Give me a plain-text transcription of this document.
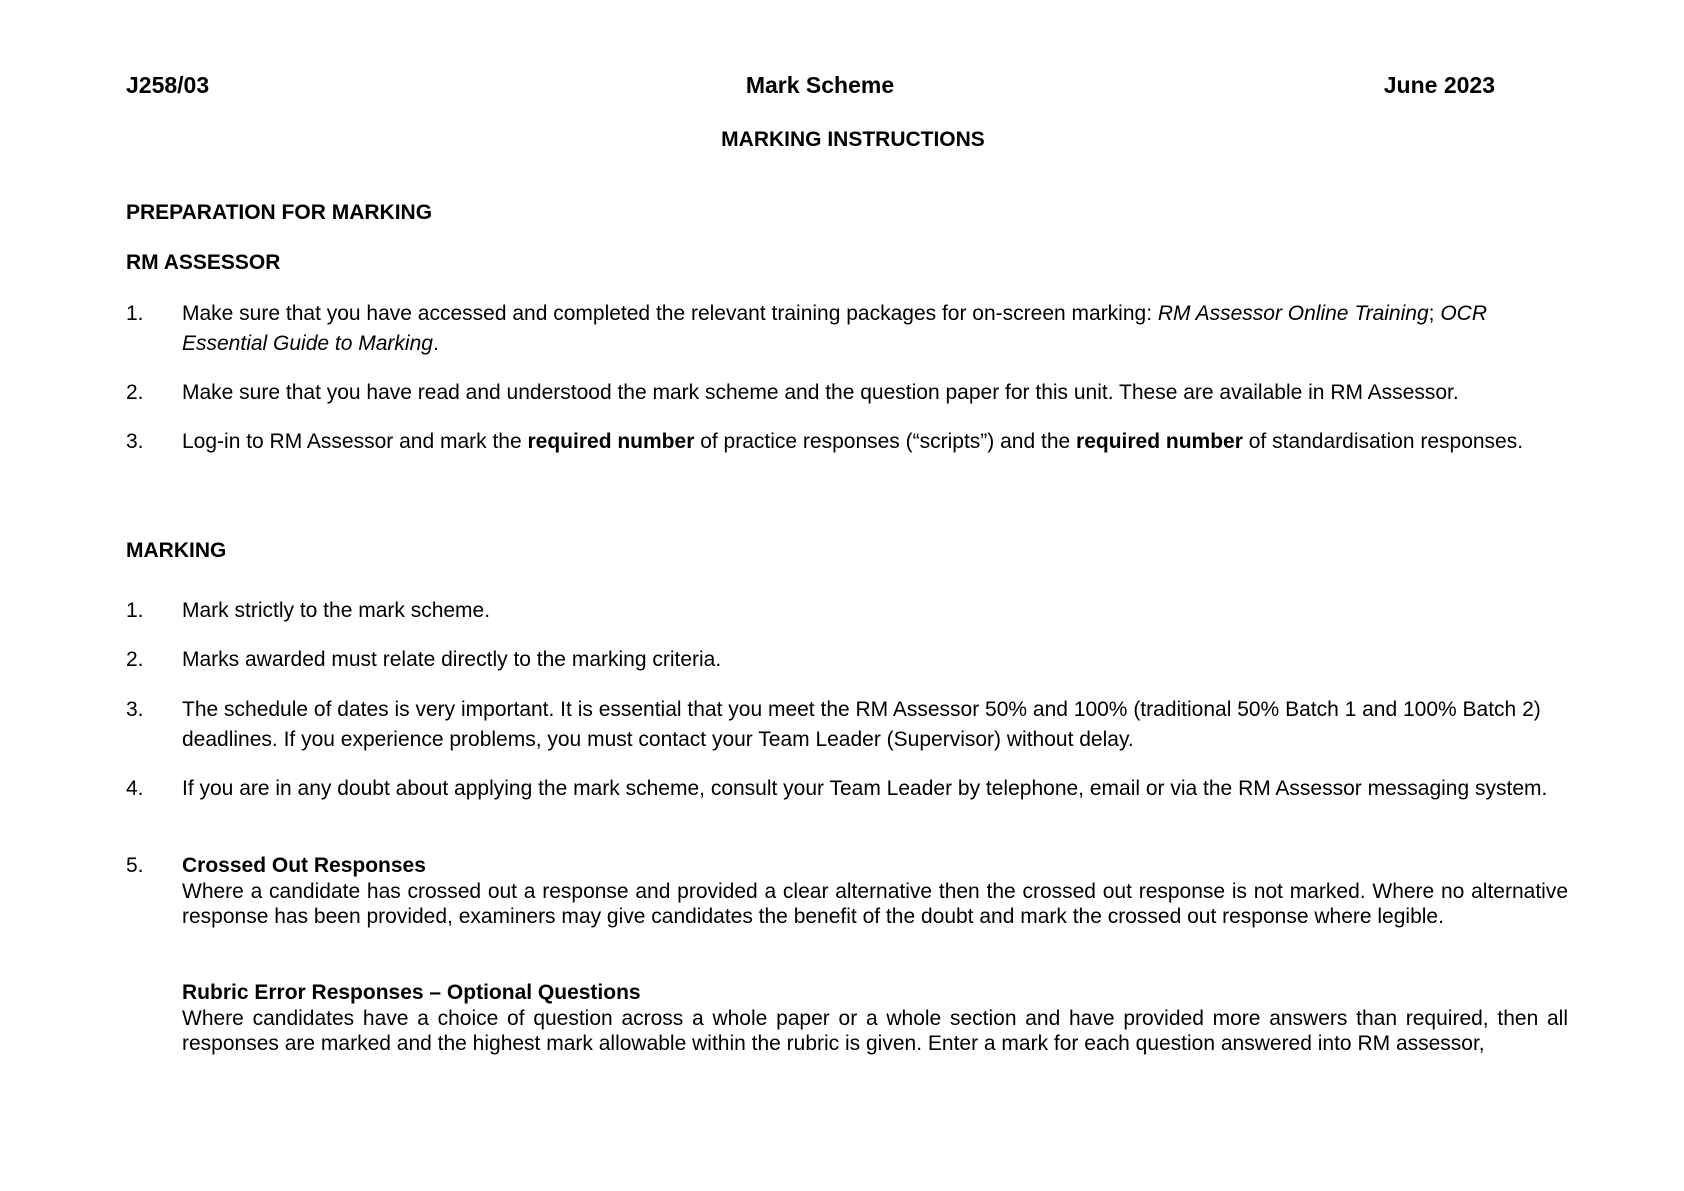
J258/03	Mark Scheme	June 2023
MARKING INSTRUCTIONS
PREPARATION FOR MARKING
RM ASSESSOR
1. Make sure that you have accessed and completed the relevant training packages for on-screen marking: RM Assessor Online Training; OCR Essential Guide to Marking.
2. Make sure that you have read and understood the mark scheme and the question paper for this unit. These are available in RM Assessor.
3. Log-in to RM Assessor and mark the required number of practice responses (“scripts”) and the required number of standardisation responses.
MARKING
1. Mark strictly to the mark scheme.
2. Marks awarded must relate directly to the marking criteria.
3. The schedule of dates is very important. It is essential that you meet the RM Assessor 50% and 100% (traditional 50% Batch 1 and 100% Batch 2) deadlines. If you experience problems, you must contact your Team Leader (Supervisor) without delay.
4. If you are in any doubt about applying the mark scheme, consult your Team Leader by telephone, email or via the RM Assessor messaging system.
5. Crossed Out Responses
Where a candidate has crossed out a response and provided a clear alternative then the crossed out response is not marked. Where no alternative response has been provided, examiners may give candidates the benefit of the doubt and mark the crossed out response where legible.
Rubric Error Responses – Optional Questions
Where candidates have a choice of question across a whole paper or a whole section and have provided more answers than required, then all responses are marked and the highest mark allowable within the rubric is given. Enter a mark for each question answered into RM assessor,
